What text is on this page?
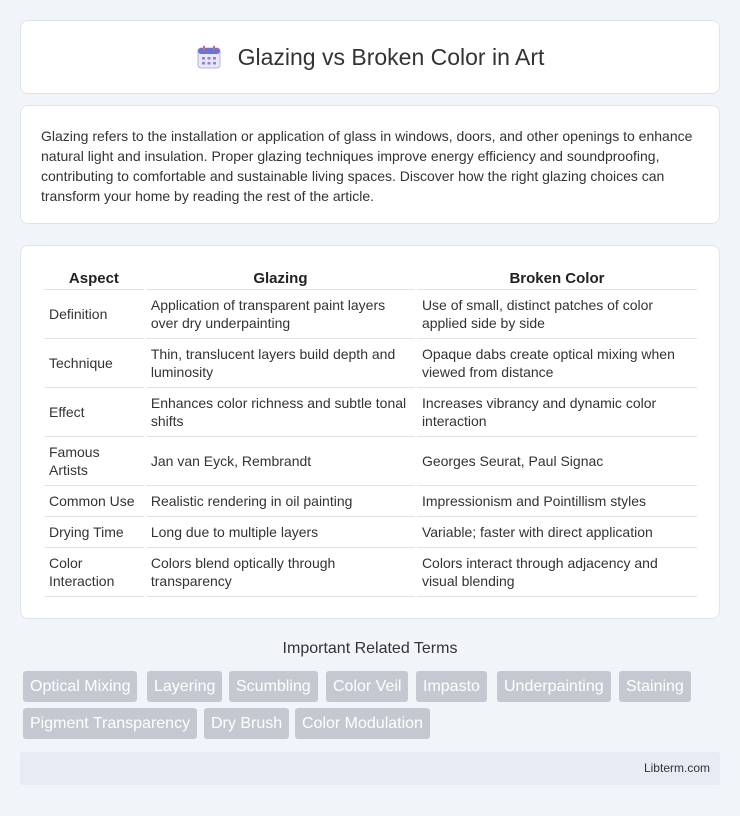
Glazing vs Broken Color in Art

Glazing refers to the installation or application of glass in windows, doors, and other openings to enhance natural light and insulation. Proper glazing techniques improve energy efficiency and soundproofing, contributing to comfortable and sustainable living spaces. Discover how the right glazing choices can transform your home by reading the rest of the article.

Aspect	Glazing	Broken Color
Definition	Application of transparent paint layers over dry underpainting	Use of small, distinct patches of color applied side by side
Technique	Thin, translucent layers build depth and luminosity	Opaque dabs create optical mixing when viewed from distance
Effect	Enhances color richness and subtle tonal shifts	Increases vibrancy and dynamic color interaction
Famous Artists	Jan van Eyck, Rembrandt	Georges Seurat, Paul Signac
Common Use	Realistic rendering in oil painting	Impressionism and Pointillism styles
Drying Time	Long due to multiple layers	Variable; faster with direct application
Color Interaction	Colors blend optically through transparency	Colors interact through adjacency and visual blending
Important Related Terms
Optical Mixing	Layering	Scumbling	Color Veil	Impasto	Underpainting	Staining
Pigment Transparency	Dry Brush	Color Modulation
Libterm.com
